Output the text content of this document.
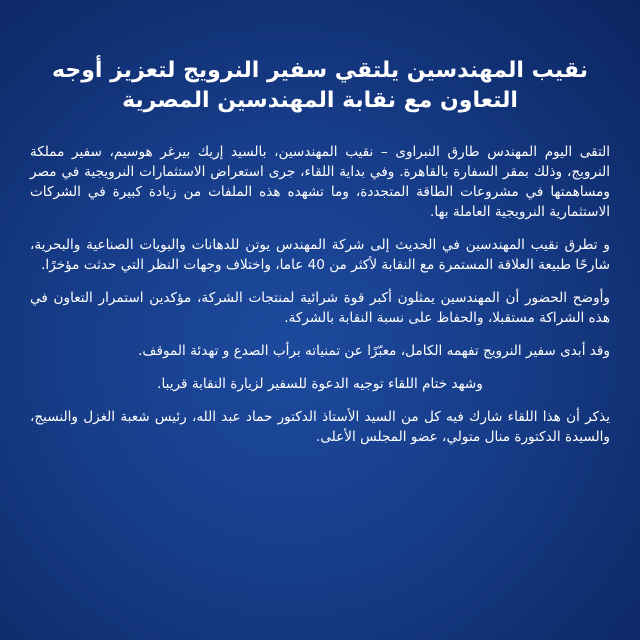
نقيب المهندسين يلتقي سفير النرويج لتعزيز أوجه التعاون مع نقابة المهندسين المصرية

التقى اليوم المهندس طارق النبراوى – نقيب المهندسين، بالسيد إريك بيرغر هوسيم، سفير مملكة النرويج، وذلك بمقر السفارة بالقاهرة. وفي بداية اللقاء، جرى استعراض الاستثمارات النرويجية في مصر ومساهمتها في مشروعات الطاقة المتجددة، وما تشهده هذه الملفات من زيادة كبيرة في الشركات الاستثمارية النرويجية العاملة بها.

و تطرق نقيب المهندسين في الحديث إلى شركة المهندس يوتن للدهانات والبويات الصناعية والبحرية، شارحًا طبيعة العلاقة المستمرة مع النقابة لأكثر من 40 عاما، واختلاف وجهات النظر التي حدثت مؤخرًا.

وأوضح الحضور أن المهندسين يمثلون أكبر قوة شرائية لمنتجات الشركة، مؤكدين استمرار التعاون في هذه الشراكة مستقبلا، والحفاظ على نسبة النقابة بالشركة.

وقد أبدى سفير النرويج تفهمه الكامل، معبّرًا عن تمنياته برأب الصدع و تهدئة الموقف.

وشهد ختام اللقاء توجيه الدعوة للسفير لزيارة النقابة قريبا.

يذكر أن هذا اللقاء شارك فيه كل من السيد الأستاذ الدكتور حماد عبد الله، رئيس شعبة الغزل والنسيج، والسيدة الدكتورة منال متولي، عضو المجلس الأعلى.
